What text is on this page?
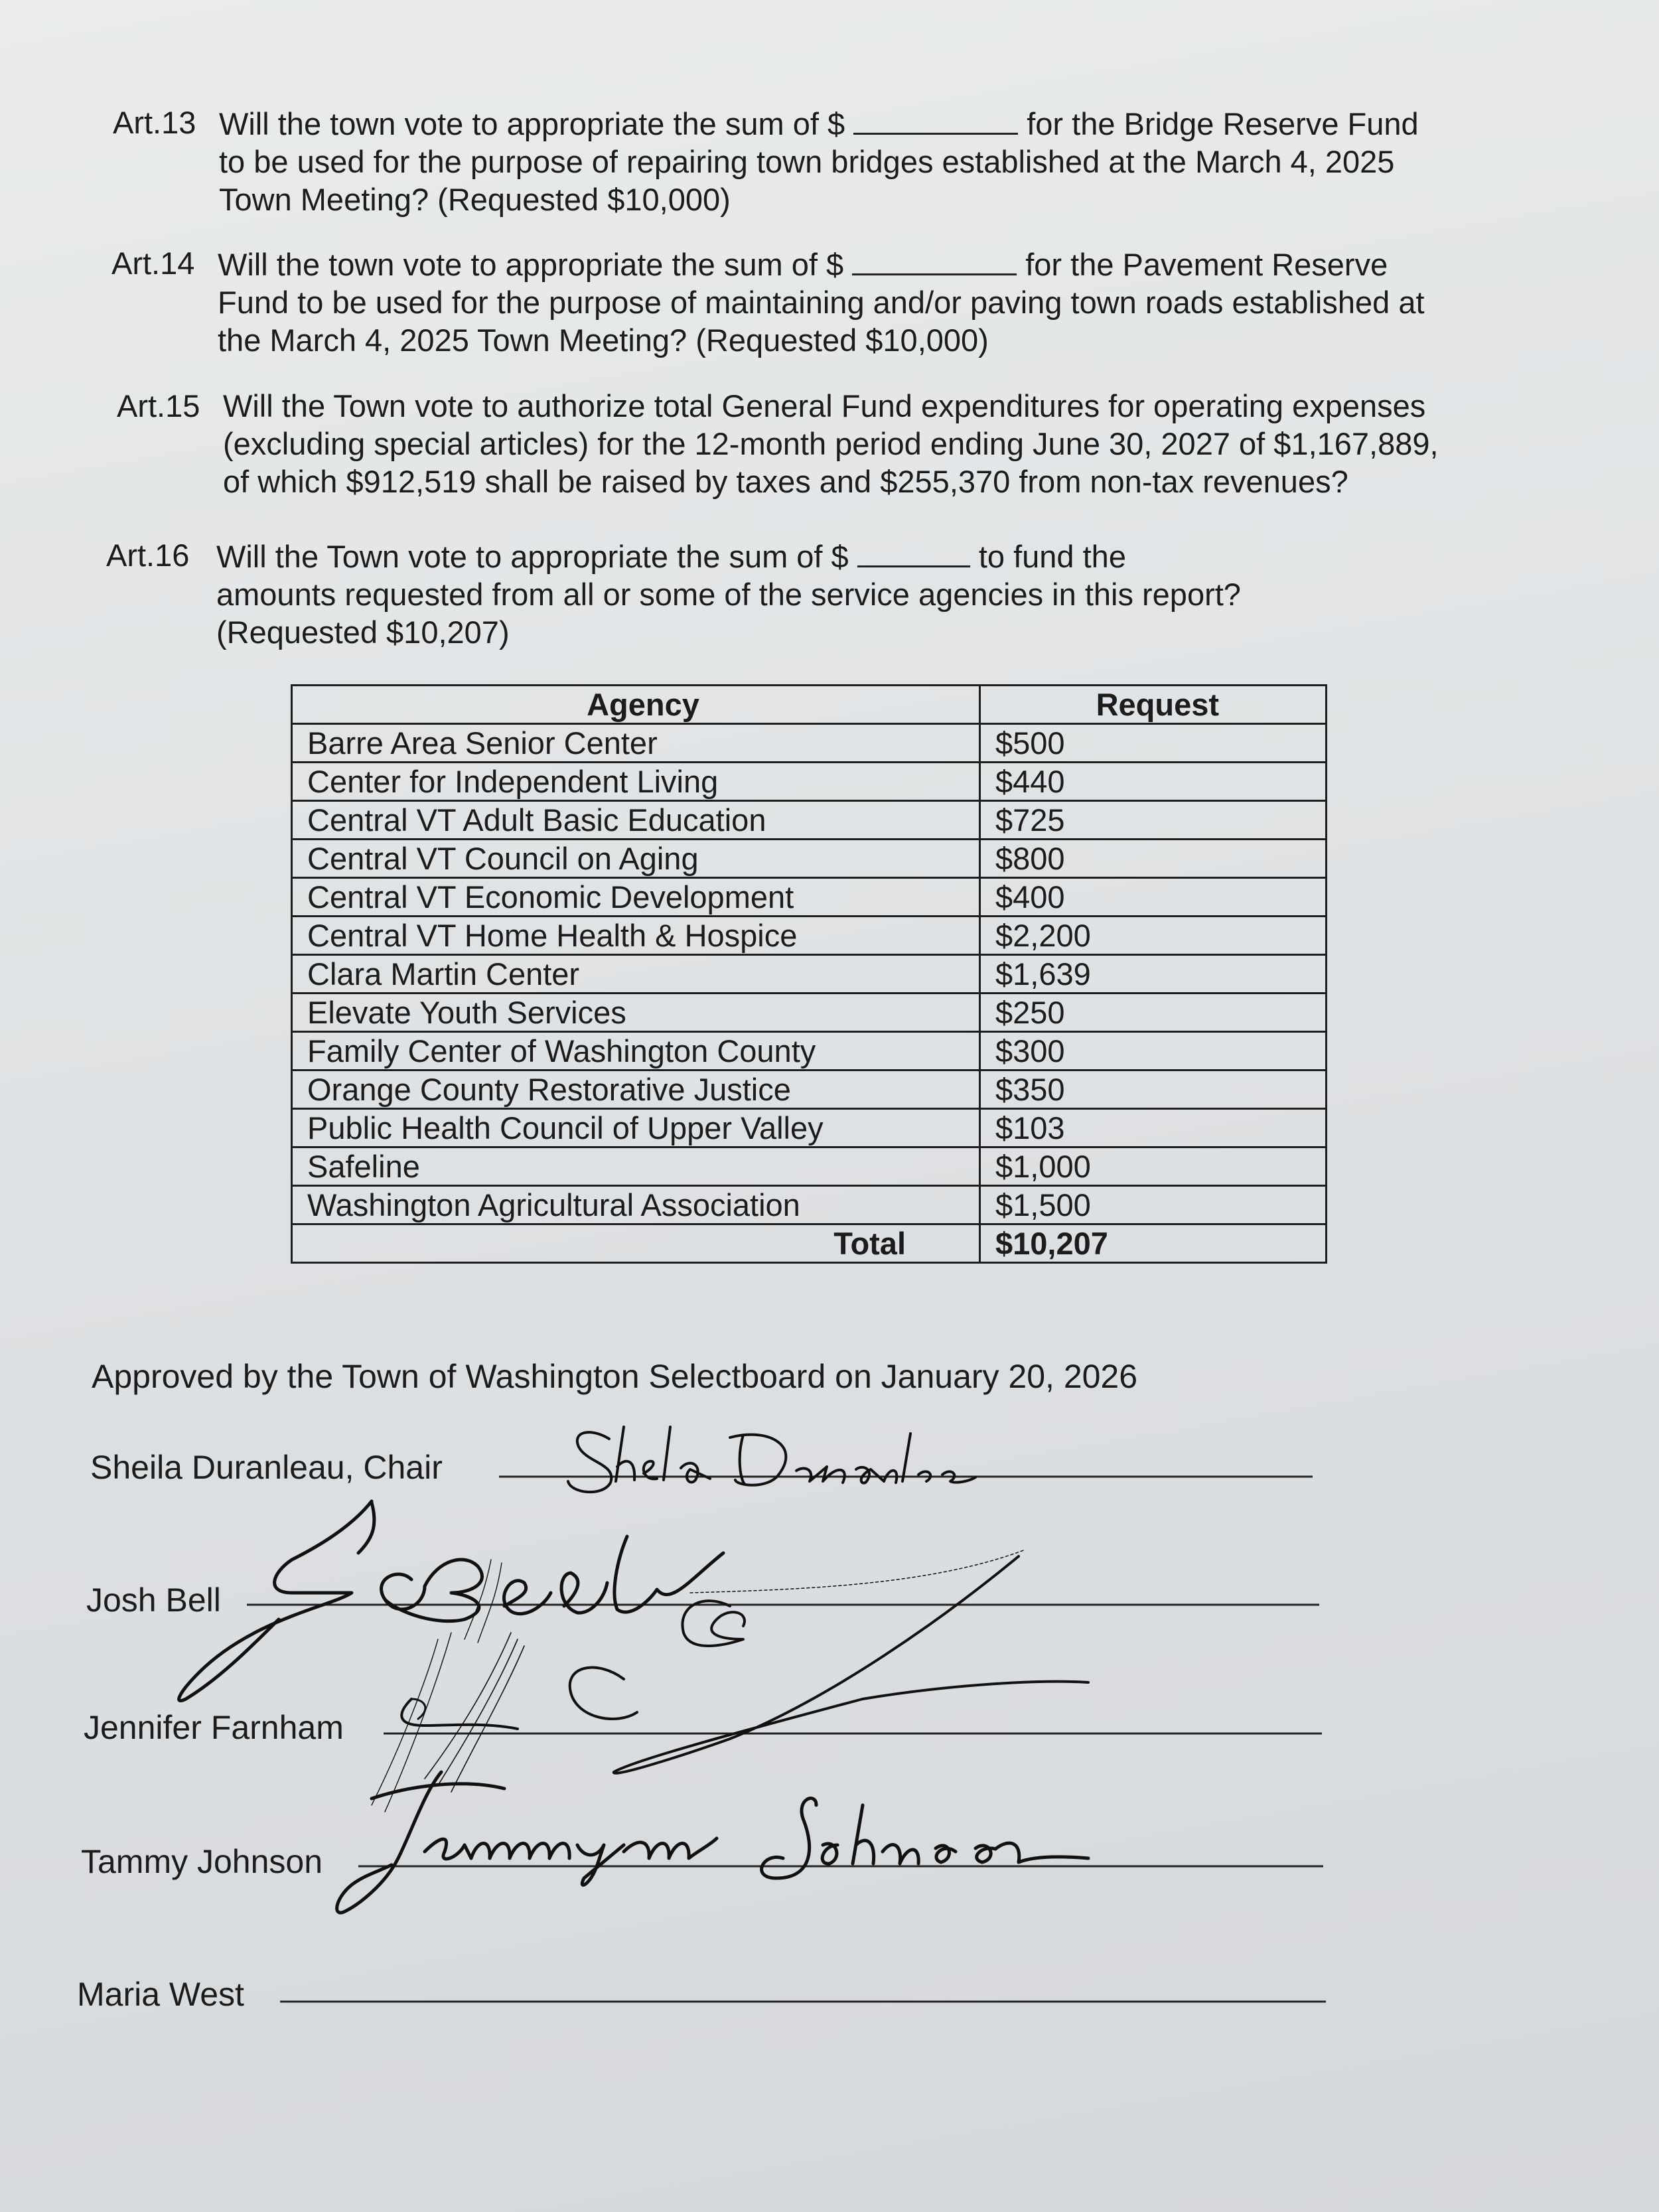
Art.13 Will the town vote to appropriate the sum of $	for the Bridge Reserve Fund
to be used for the purpose of repairing town bridges established at the March 4, 2025
Town Meeting? (Requested $10,000)
Art.14 Will the town vote to appropriate the sum of $	for the Pavement Reserve
Fund to be used for the purpose of maintaining and/or paving town roads established at
the March 4, 2025 Town Meeting? (Requested $10,000)
Art.15 Will the Town vote to authorize total General Fund expenditures for operating expenses
(excluding special articles) for the 12-month period ending June 30, 2027 of $1,167,889,
of which $912,519 shall be raised by taxes and $255,370 from non-tax revenues?
Art.16 Will the Town vote to appropriate the sum of $	to fund the
amounts requested from all or some of the service agencies in this report?
(Requested $10,207)
Agency	Request
Barre Area Senior Center	$500
Center for Independent Living	$440
Central VT Adult Basic Education	$725
Central VT Council on Aging	$800
Central VT Economic Development	$400
Central VT Home Health & Hospice	$2,200
Clara Martin Center	$1,639
Elevate Youth Services	$250
Family Center of Washington County	$300
Orange County Restorative Justice	$350
Public Health Council of Upper Valley	$103
Safeline	$1,000
Washington Agricultural Association	$1,500
Total	$10,207
Approved by the Town of Washington Selectboard on January 20, 2026
Sheila Duranleau, Chair
Josh Bell
Jennifer Farnham
Tammy Johnson
Maria West
